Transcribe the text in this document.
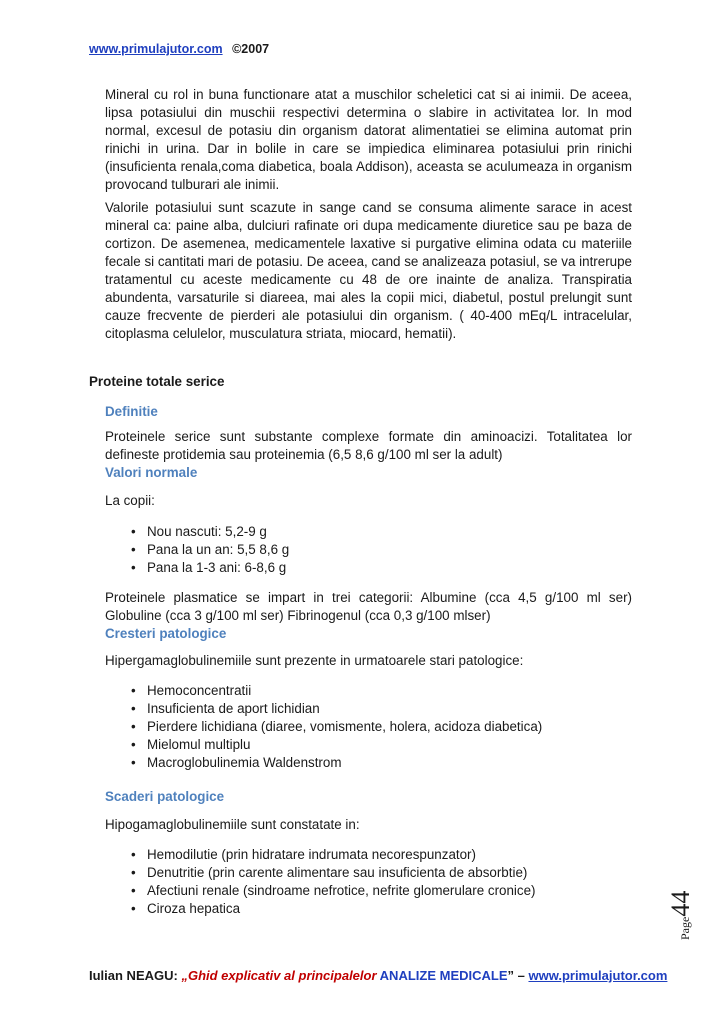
www.primulajutor.com ©2007

Mineral cu rol in buna functionare atat a muschilor scheletici cat si ai inimii. De aceea, lipsa potasiului din muschii respectivi determina o slabire in activitatea lor. In mod normal, excesul de potasiu din organism datorat alimentatiei se elimina automat prin rinichi in urina. Dar in bolile in care se impiedica eliminarea potasiului prin rinichi (insuficienta renala,coma diabetica, boala Addison), aceasta se aculumeaza in organism provocand tulburari ale inimii.

Valorile potasiului sunt scazute in sange cand se consuma alimente sarace in acest mineral ca: paine alba, dulciuri rafinate ori dupa medicamente diuretice sau pe baza de cortizon. De asemenea, medicamentele laxative si purgative elimina odata cu materiile fecale si cantitati mari de potasiu. De aceea, cand se analizeaza potasiul, se va intrerupe tratamentul cu aceste medicamente cu 48 de ore inainte de analiza. Transpiratia abundenta, varsaturile si diareea, mai ales la copii mici, diabetul, postul prelungit sunt cauze frecvente de pierderi ale potasiului din organism. ( 40-400 mEq/L intracelular, citoplasma celulelor, musculatura striata, miocard, hematii).

Proteine totale serice

Definitie

Proteinele serice sunt substante complexe formate din aminoacizi. Totalitatea lor defineste protidemia sau proteinemia (6,5 8,6 g/100 ml ser la adult)

Valori normale

La copii:

• Nou nascuti: 5,2-9 g
• Pana la un an: 5,5 8,6 g
• Pana la 1-3 ani: 6-8,6 g

Proteinele plasmatice se impart in trei categorii: Albumine (cca 4,5 g/100 ml ser) Globuline (cca 3 g/100 ml ser) Fibrinogenul (cca 0,3 g/100 mlser)

Cresteri patologice

Hipergamaglobulinemiile sunt prezente in urmatoarele stari patologice:

• Hemoconcentratii
• Insuficienta de aport lichidian
• Pierdere lichidiana (diaree, vomismente, holera, acidoza diabetica)
• Mielomul multiplu
• Macroglobulinemia Waldenstrom

Scaderi patologice

Hipogamaglobulinemiile sunt constatate in:

• Hemodilutie (prin hidratare indrumata necorespunzator)
• Denutritie (prin carente alimentare sau insuficienta de absorbtie)
• Afectiuni renale (sindroame nefrotice, nefrite glomerulare cronice)
• Ciroza hepatica
Page44
Iulian NEAGU: „Ghid explicativ al principalelor ANALIZE MEDICALE” – www.primulajutor.com
